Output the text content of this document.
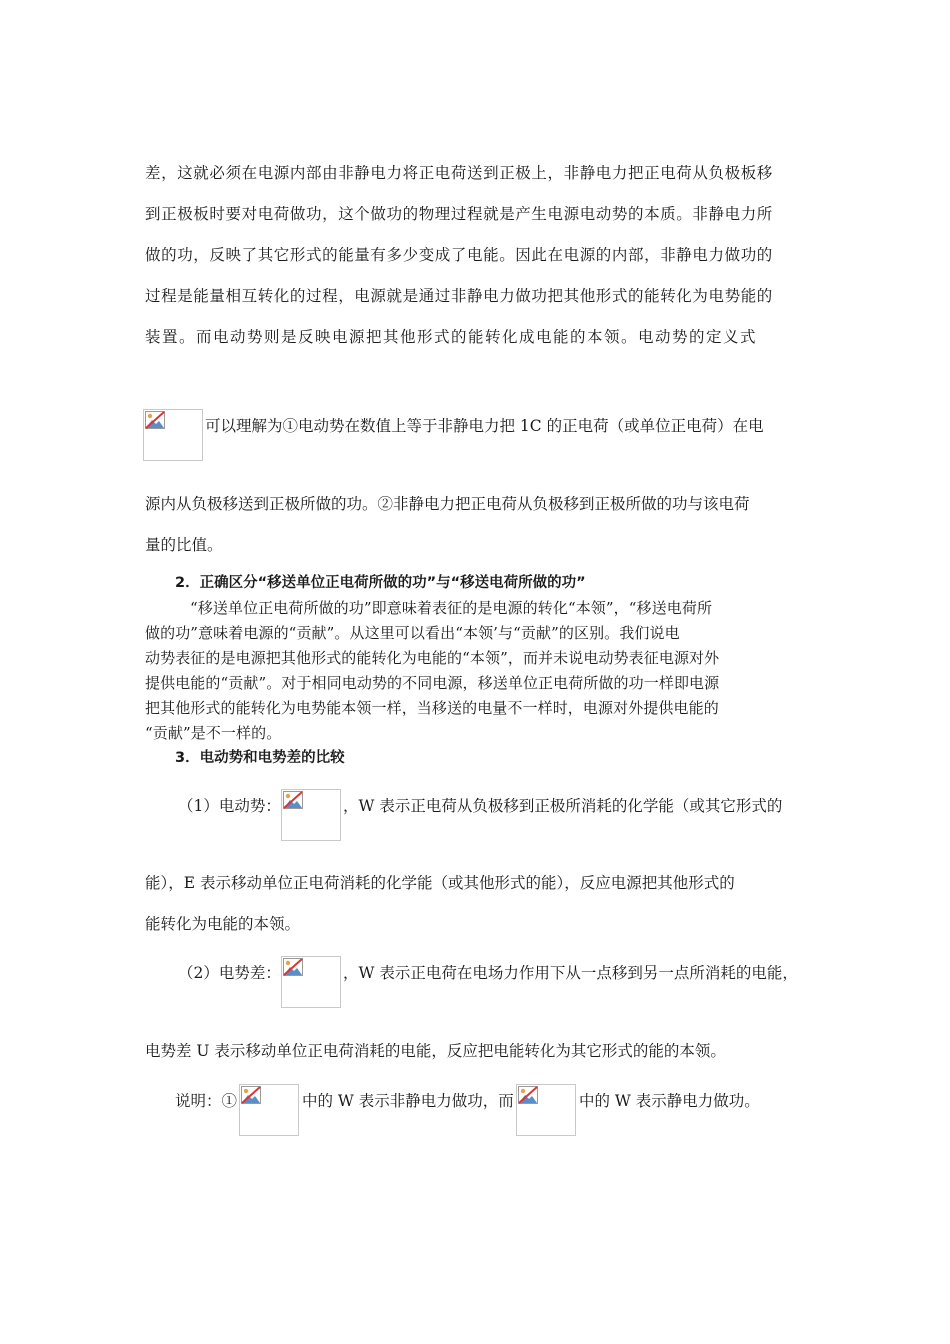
差，这就必须在电源内部由非静电力将正电荷送到正极上，非静电力把正电荷从负极板移
到正极板时要对电荷做功，这个做功的物理过程就是产生电源电动势的本质。非静电力所
做的功，反映了其它形式的能量有多少变成了电能。因此在电源的内部，非静电力做功的
过程是能量相互转化的过程，电源就是通过非静电力做功把其他形式的能转化为电势能的
装置。而电动势则是反映电源把其他形式的能转化成电能的本领。电动势的定义式
可以理解为①电动势在数值上等于非静电力把 1C 的正电荷（或单位正电荷）在电
源内从负极移送到正极所做的功。②非静电力把正电荷从负极移到正极所做的功与该电荷
量的比值。
2．正确区分“移送单位正电荷所做的功”与“移送电荷所做的功”
“移送单位正电荷所做的功”即意味着表征的是电源的转化“本领”，“移送电荷所
做的功”意味着电源的“贡献”。从这里可以看出“本领’与“贡献”的区别。我们说电
动势表征的是电源把其他形式的能转化为电能的“本领”，而并未说电动势表征电源对外
提供电能的“贡献”。对于相同电动势的不同电源，移送单位正电荷所做的功一样即电源
把其他形式的能转化为电势能本领一样，当移送的电量不一样时，电源对外提供电能的
“贡献”是不一样的。
3．电动势和电势差的比较
（1）电动势：	，W 表示正电荷从负极移到正极所消耗的化学能（或其它形式的
能），E 表示移动单位正电荷消耗的化学能（或其他形式的能），反应电源把其他形式的
能转化为电能的本领。
（2）电势差：	，W 表示正电荷在电场力作用下从一点移到另一点所消耗的电能，
电势差 U 表示移动单位正电荷消耗的电能，反应把电能转化为其它形式的能的本领。
说明：①	中的 W 表示非静电力做功，而	中的 W 表示静电力做功。
